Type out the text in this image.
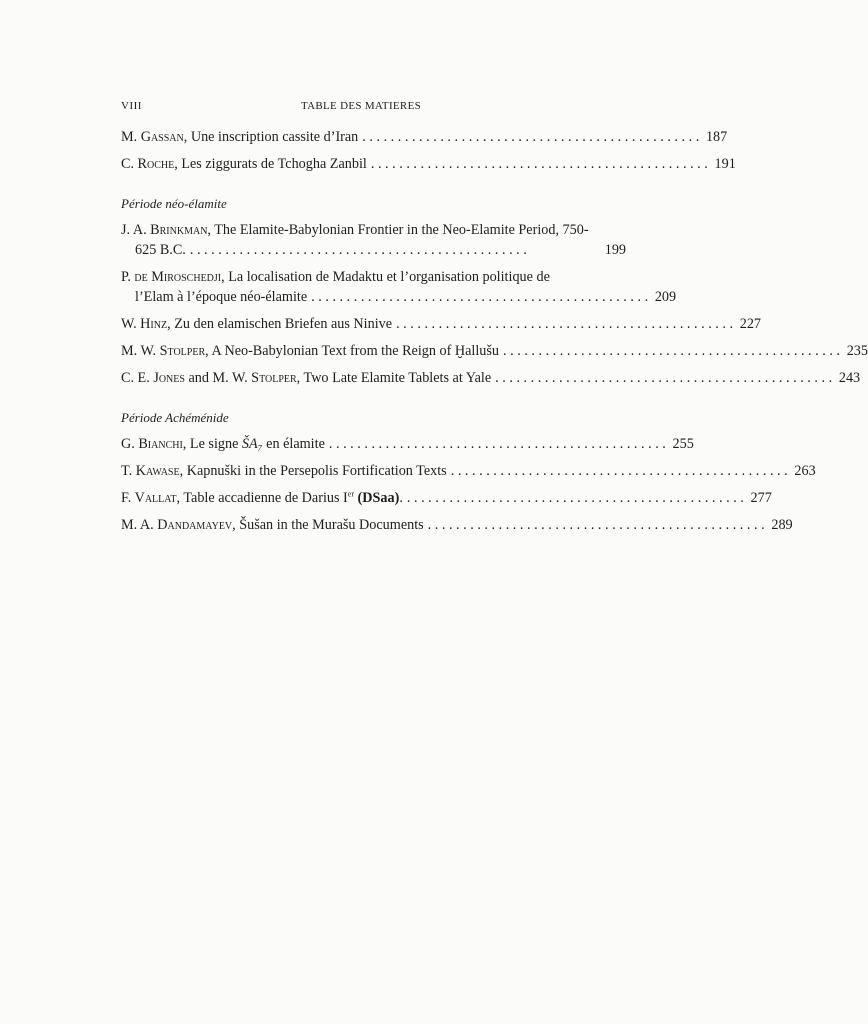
VIII	TABLE DES MATIERES
M. Gassan, Une inscription cassite d’Iran . . . . . . . . . . . . . . . . . . . . . . . . . . . . . . . . . . . . . . . . . . . . . . . . 187
C. Roche, Les ziggurats de Tchogha Zanbil . . . . . . . . . . . . . . . . . . . . . . . . . . . . . . . . . . . . . . . . . . . . . . . . 191
Période néo-élamite
J. A. Brinkman, The Elamite-Babylonian Frontier in the Neo-Elamite Period, 750-
625 B.C. . . . . . . . . . . . . . . . . . . . . . . . . . . . . . . . . . . . . . . . . . . . . . . . .	199
P. de Miroschedji, La localisation de Madaktu et l’organisation politique de
l’Elam à l’époque néo-élamite . . . . . . . . . . . . . . . . . . . . . . . . . . . . . . . . . . . . . . . . . . . . . . . . 209
W. Hinz, Zu den elamischen Briefen aus Ninive . . . . . . . . . . . . . . . . . . . . . . . . . . . . . . . . . . . . . . . . . . . . . . . . 227
M. W. Stolper, A Neo-Babylonian Text from the Reign of Ḫallušu . . . . . . . . . . . . . . . . . . . . . . . . . . . . . . . . . . . . . . . . . . . . . . . . 235
C. E. Jones and M. W. Stolper, Two Late Elamite Tablets at Yale . . . . . . . . . . . . . . . . . . . . . . . . . . . . . . . . . . . . . . . . . . . . . . . . 243
Période Achéménide
G. Bianchi, Le signe ŠA₇ en élamite . . . . . . . . . . . . . . . . . . . . . . . . . . . . . . . . . . . . . . . . . . . . . . . . 255
T. Kawase, Kapnuški in the Persepolis Fortification Texts . . . . . . . . . . . . . . . . . . . . . . . . . . . . . . . . . . . . . . . . . . . . . . . . 263
F. Vallat, Table accadienne de Darius Ier (DSaa). . . . . . . . . . . . . . . . . . . . . . . . . . . . . . . . . . . . . . . . . . . . . . . . . 277
M. A. Dandamayev, Šušan in the Murašu Documents . . . . . . . . . . . . . . . . . . . . . . . . . . . . . . . . . . . . . . . . . . . . . . . . 289
